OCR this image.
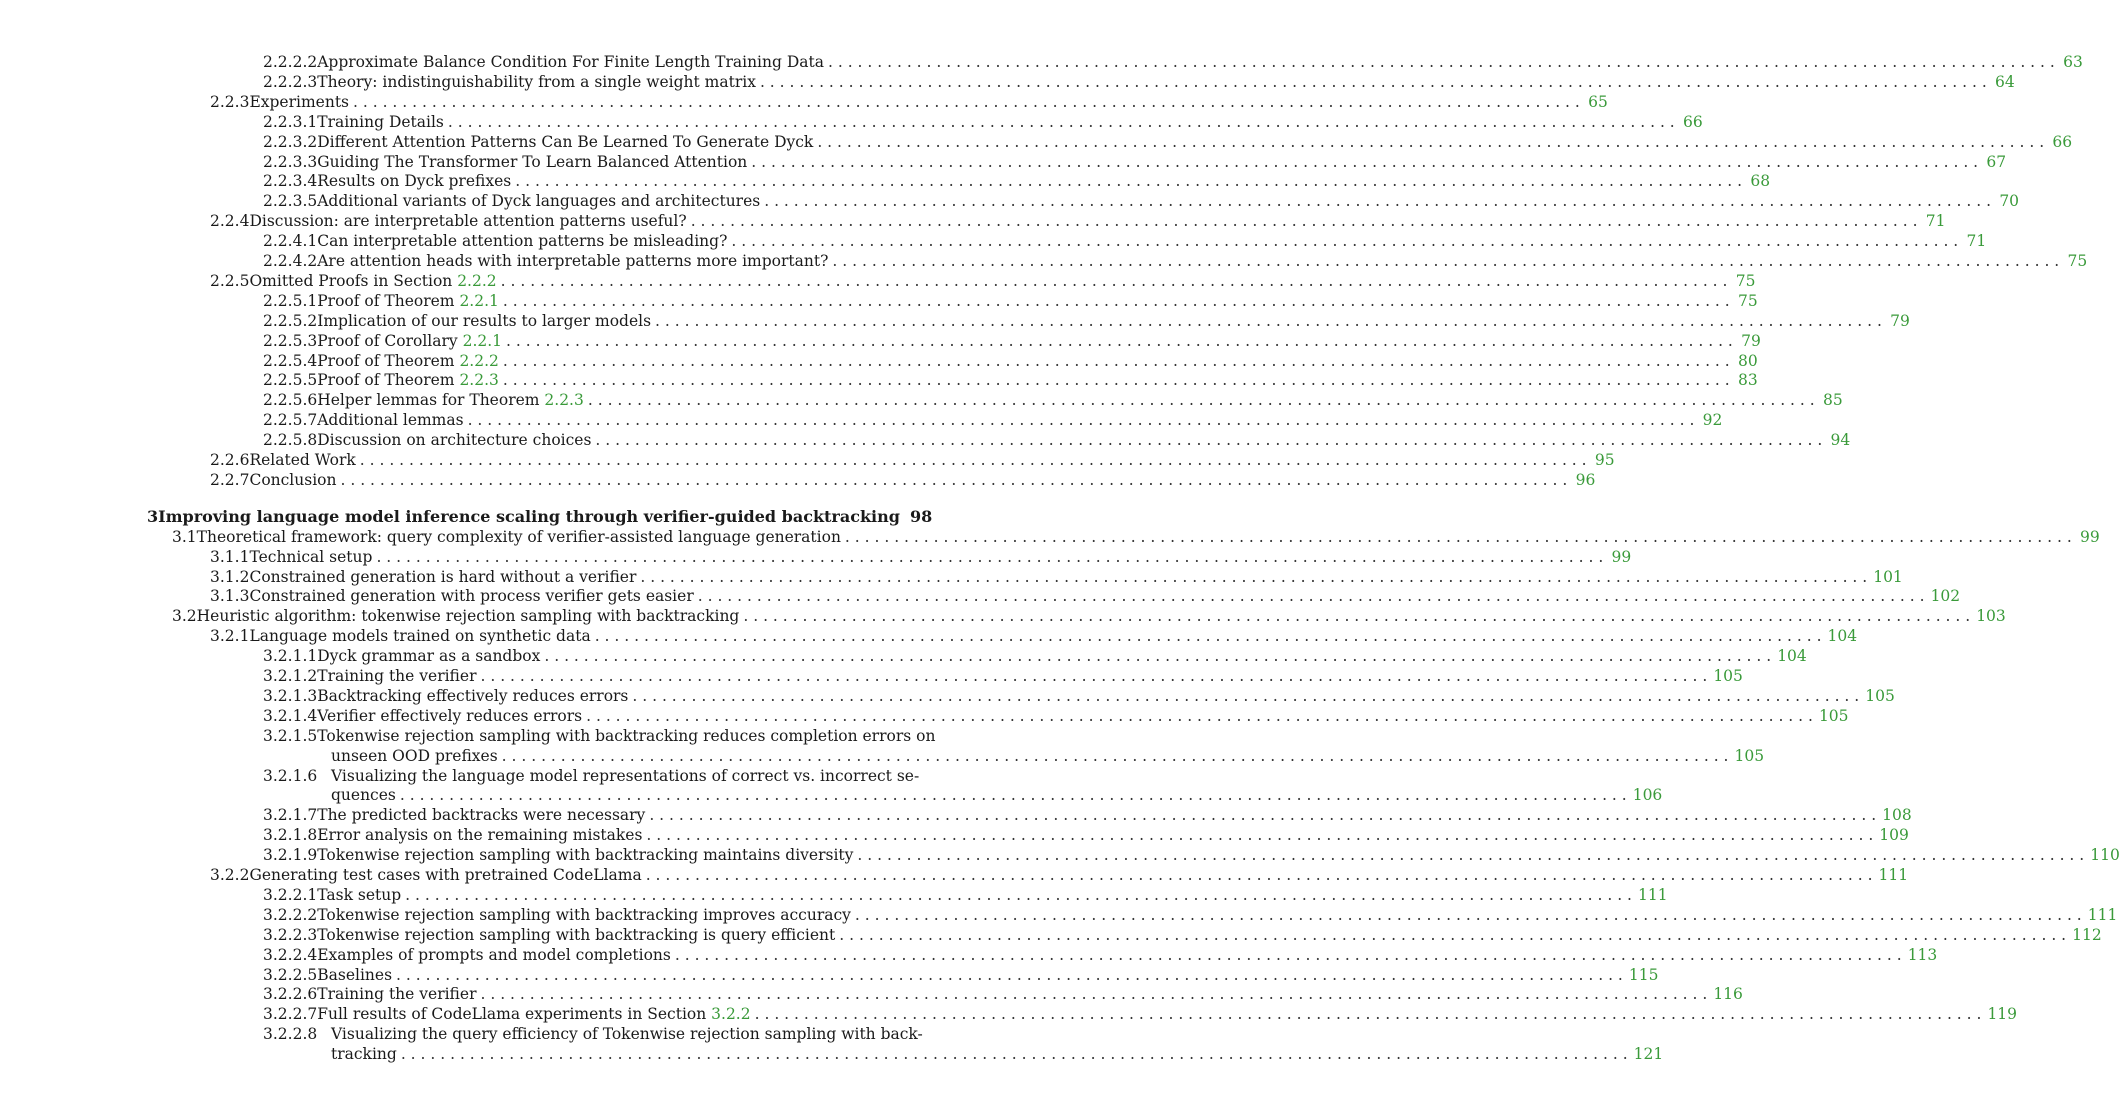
2.2.2.2 Approximate Balance Condition For Finite Length Training Data . . .	63
2.2.2.3 Theory: indistinguishability from a single weight matrix . . .	64
2.2.3 Experiments . . .	65
2.2.3.1 Training Details . . .	66
2.2.3.2 Different Attention Patterns Can Be Learned To Generate Dyck . . .	66
2.2.3.3 Guiding The Transformer To Learn Balanced Attention . . .	67
2.2.3.4 Results on Dyck prefixes . . .	68
2.2.3.5 Additional variants of Dyck languages and architectures . . .	70
2.2.4 Discussion: are interpretable attention patterns useful? . . .	71
2.2.4.1 Can interpretable attention patterns be misleading? . . .	71
2.2.4.2 Are attention heads with interpretable patterns more important? . . .	75
2.2.5 Omitted Proofs in Section 2.2.2 . . .	75
2.2.5.1 Proof of Theorem 2.2.1 . . .	75
2.2.5.2 Implication of our results to larger models . . .	79
2.2.5.3 Proof of Corollary 2.2.1 . . .	79
2.2.5.4 Proof of Theorem 2.2.2 . . .	80
2.2.5.5 Proof of Theorem 2.2.3 . . .	83
2.2.5.6 Helper lemmas for Theorem 2.2.3 . . .	85
2.2.5.7 Additional lemmas . . .	92
2.2.5.8 Discussion on architecture choices . . .	94
2.2.6 Related Work . . .	95
2.2.7 Conclusion . . .	96
3 Improving language model inference scaling through verifier-guided backtracking 98
3.1 Theoretical framework: query complexity of verifier-assisted language generation . . .	99
3.1.1 Technical setup . . .	99
3.1.2 Constrained generation is hard without a verifier . . .	101
3.1.3 Constrained generation with process verifier gets easier . . .	102
3.2 Heuristic algorithm: tokenwise rejection sampling with backtracking . . .	103
3.2.1 Language models trained on synthetic data . . .	104
3.2.1.1 Dyck grammar as a sandbox . . .	104
3.2.1.2 Training the verifier . . .	105
3.2.1.3 Backtracking effectively reduces errors . . .	105
3.2.1.4 Verifier effectively reduces errors . . .	105
3.2.1.5 Tokenwise rejection sampling with backtracking reduces completion errors on
unseen OOD prefixes . . .	105
3.2.1.6 Visualizing the language model representations of correct vs. incorrect se-
quences . . .	106
3.2.1.7 The predicted backtracks were necessary . . .	108
3.2.1.8 Error analysis on the remaining mistakes . . .	109
3.2.1.9 Tokenwise rejection sampling with backtracking maintains diversity . . .	110
3.2.2 Generating test cases with pretrained CodeLlama . . .	111
3.2.2.1 Task setup . . .	111
3.2.2.2 Tokenwise rejection sampling with backtracking improves accuracy . . .	111
3.2.2.3 Tokenwise rejection sampling with backtracking is query efficient . . .	112
3.2.2.4 Examples of prompts and model completions . . .	113
3.2.2.5 Baselines . . .	115
3.2.2.6 Training the verifier . . .	116
3.2.2.7 Full results of CodeLlama experiments in Section 3.2.2 . . .	119
3.2.2.8 Visualizing the query efficiency of Tokenwise rejection sampling with back-
tracking . . .	121
